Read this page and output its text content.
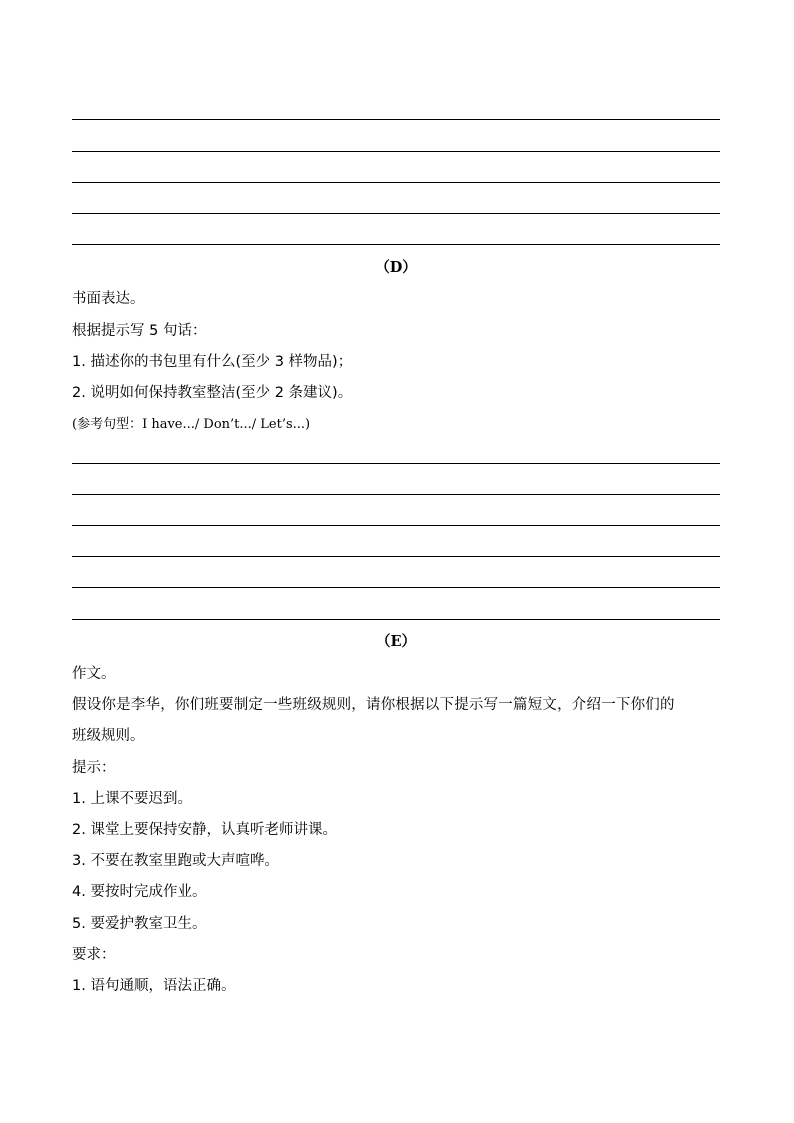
（D）
书面表达。
根据提示写 5 句话：
1. 描述你的书包里有什么(至少 3 样物品)；
2. 说明如何保持教室整洁(至少 2 条建议)。
(参考句型：I have.../ Don’t.../ Let’s...)
（E）
作文。
假设你是李华，你们班要制定一些班级规则，请你根据以下提示写一篇短文，介绍一下你们的
班级规则。
提示：
1. 上课不要迟到。
2. 课堂上要保持安静，认真听老师讲课。
3. 不要在教室里跑或大声喧哗。
4. 要按时完成作业。
5. 要爱护教室卫生。
要求：
1. 语句通顺，语法正确。
